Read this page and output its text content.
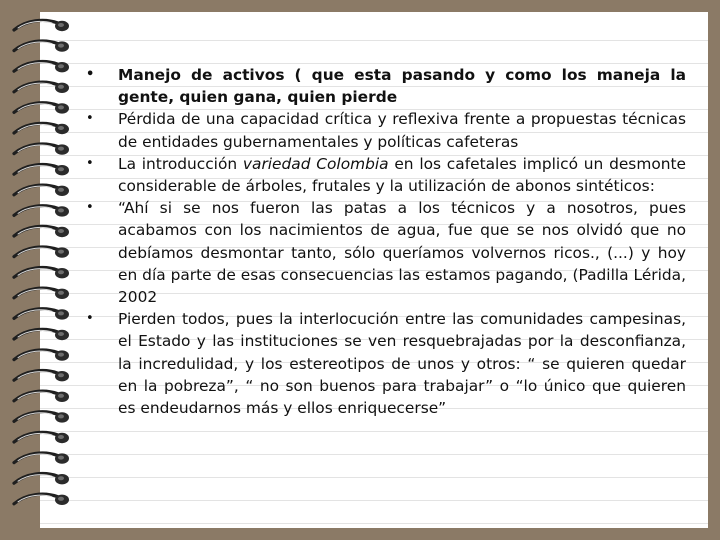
• Manejo de activos ( que esta pasando y como los maneja la gente, quien gana, quien pierde
• Pérdida de una capacidad crítica y reflexiva frente a propuestas técnicas de entidades gubernamentales y políticas cafeteras
• La introducción variedad Colombia en los cafetales implicó un desmonte considerable de árboles, frutales y la utilización de abonos sintéticos:
• “Ahí si se nos fueron las patas a los técnicos y a nosotros, pues acabamos con los nacimientos de agua, fue que se nos olvidó que no debíamos desmontar tanto, sólo queríamos volvernos ricos., (...) y hoy en día parte de esas consecuencias las estamos pagando, (Padilla Lérida, 2002
• Pierden todos, pues la interlocución entre las comunidades campesinas, el Estado y las instituciones se ven resquebrajadas por la desconfianza, la incredulidad, y los estereotipos de unos y otros: “ se quieren quedar en la pobreza”, “ no son buenos para trabajar” o “lo único que quieren es endeudarnos más y ellos enriquecerse”
